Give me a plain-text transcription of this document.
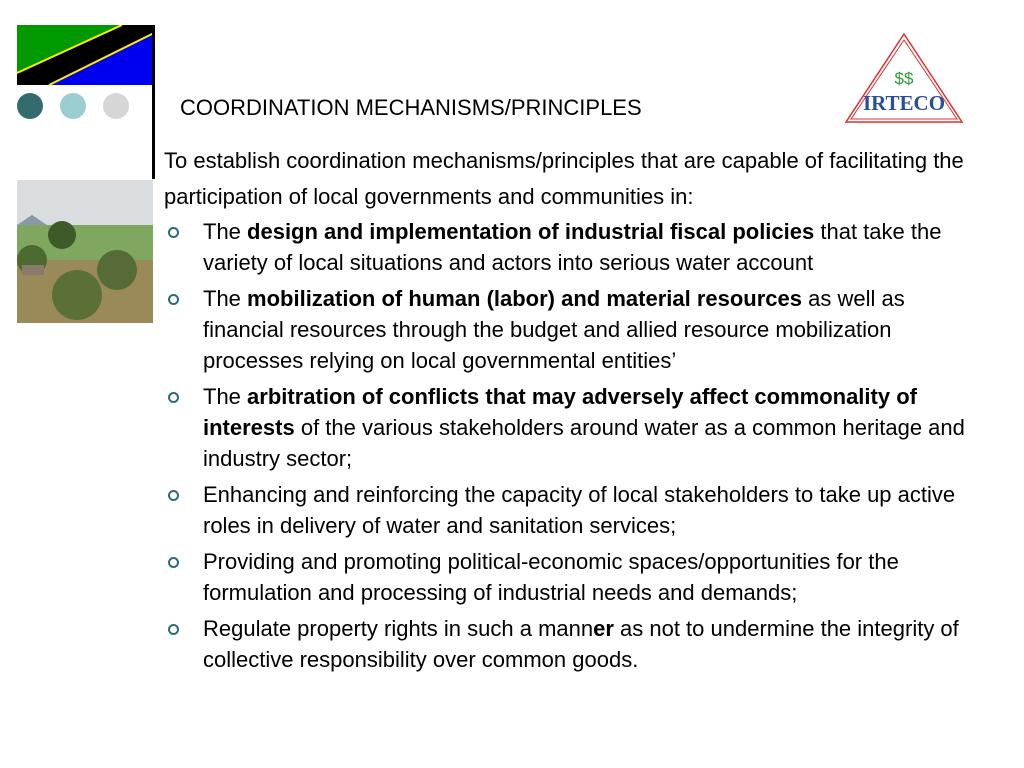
COORDINATION MECHANISMS/PRINCIPLES
$$
IRTECO
To establish coordination mechanisms/principles that are capable of facilitating the participation of local governments and communities in:
The design and implementation of industrial fiscal policies that take the variety of local situations and actors into serious water account
The mobilization of human (labor) and material resources as well as financial resources through the budget and allied resource mobilization processes relying on local governmental entities’
The arbitration of conflicts that may adversely affect commonality of interests of the various stakeholders around water as a common heritage and industry sector;
Enhancing and reinforcing the capacity of local stakeholders to take up active roles in delivery of water and sanitation services;
Providing and promoting political-economic spaces/opportunities for the formulation and processing of industrial needs and demands;
Regulate property rights in such a manner as not to undermine the integrity of collective responsibility over common goods.
